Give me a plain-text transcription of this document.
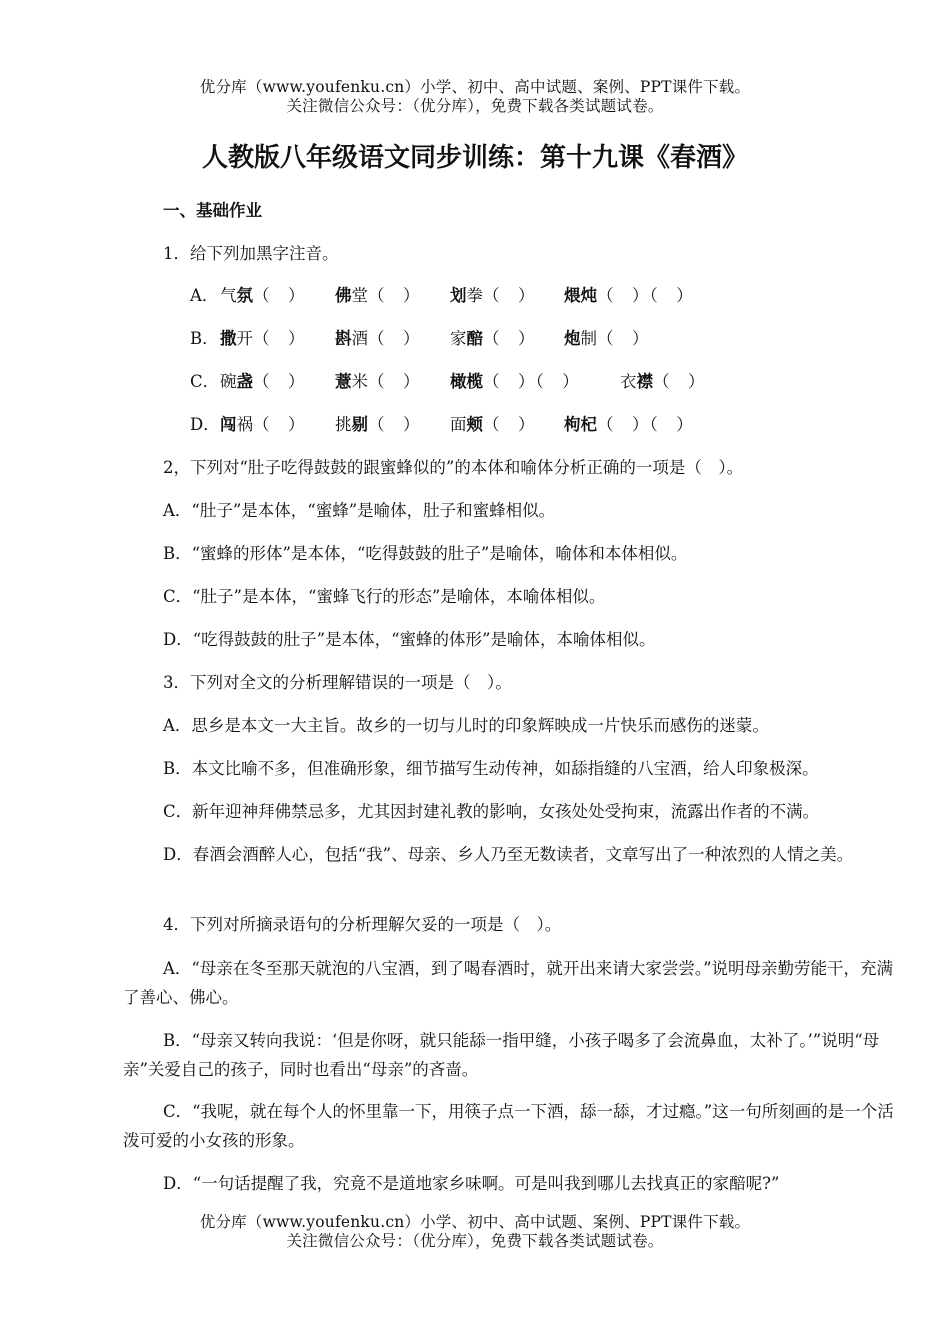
优分库（www.youfenku.cn）小学、初中、高中试题、案例、PPT课件下载。
关注微信公众号：（优分库），免费下载各类试题试卷。
人教版八年级语文同步训练：第十九课《春酒》
一、基础作业
1．给下列加黑字注音。
A． 气氛（　） 佛堂（　） 划拳（　） 煨炖（　）（　）
B． 撒开（　） 斟酒（　） 家醅（　） 炮制（　）
C． 碗盏（　） 薏米（　） 橄榄（　）（　） 衣襟（　）
D． 闯祸（　） 挑剔（　） 面颊（　） 枸杞（　）（　）
2，下列对“肚子吃得鼓鼓的跟蜜蜂似的”的本体和喻体分析正确的一项是（　）。
A．“肚子”是本体，“蜜蜂”是喻体，肚子和蜜蜂相似。
B．“蜜蜂的形体”是本体，“吃得鼓鼓的肚子”是喻体，喻体和本体相似。
C．“肚子”是本体，“蜜蜂飞行的形态”是喻体，本喻体相似。
D．“吃得鼓鼓的肚子”是本体，“蜜蜂的体形”是喻体，本喻体相似。
3．下列对全文的分析理解错误的一项是（　）。
A．思乡是本文一大主旨。故乡的一切与儿时的印象辉映成一片快乐而感伤的迷蒙。
B．本文比喻不多，但准确形象，细节描写生动传神，如舔指缝的八宝酒，给人印象极深。
C．新年迎神拜佛禁忌多，尤其因封建礼教的影响，女孩处处受拘束，流露出作者的不满。
D．春酒会酒醉人心，包括“我”、母亲、乡人乃至无数读者，文章写出了一种浓烈的人情之美。
4．下列对所摘录语句的分析理解欠妥的一项是（　）。
A．“母亲在冬至那天就泡的八宝酒，到了喝春酒时，就开出来请大家尝尝。”说明母亲勤劳能干，充满了善心、佛心。
B．“母亲又转向我说：‘但是你呀，就只能舔一指甲缝，小孩子喝多了会流鼻血，太补了。’”说明“母亲”关爱自己的孩子，同时也看出“母亲”的吝啬。
C．“我呢，就在每个人的怀里靠一下，用筷子点一下酒，舔一舔，才过瘾。”这一句所刻画的是一个活泼可爱的小女孩的形象。
D．“一句话提醒了我，究竟不是道地家乡味啊。可是叫我到哪儿去找真正的家醅呢?”
优分库（www.youfenku.cn）小学、初中、高中试题、案例、PPT课件下载。
关注微信公众号：（优分库），免费下载各类试题试卷。
